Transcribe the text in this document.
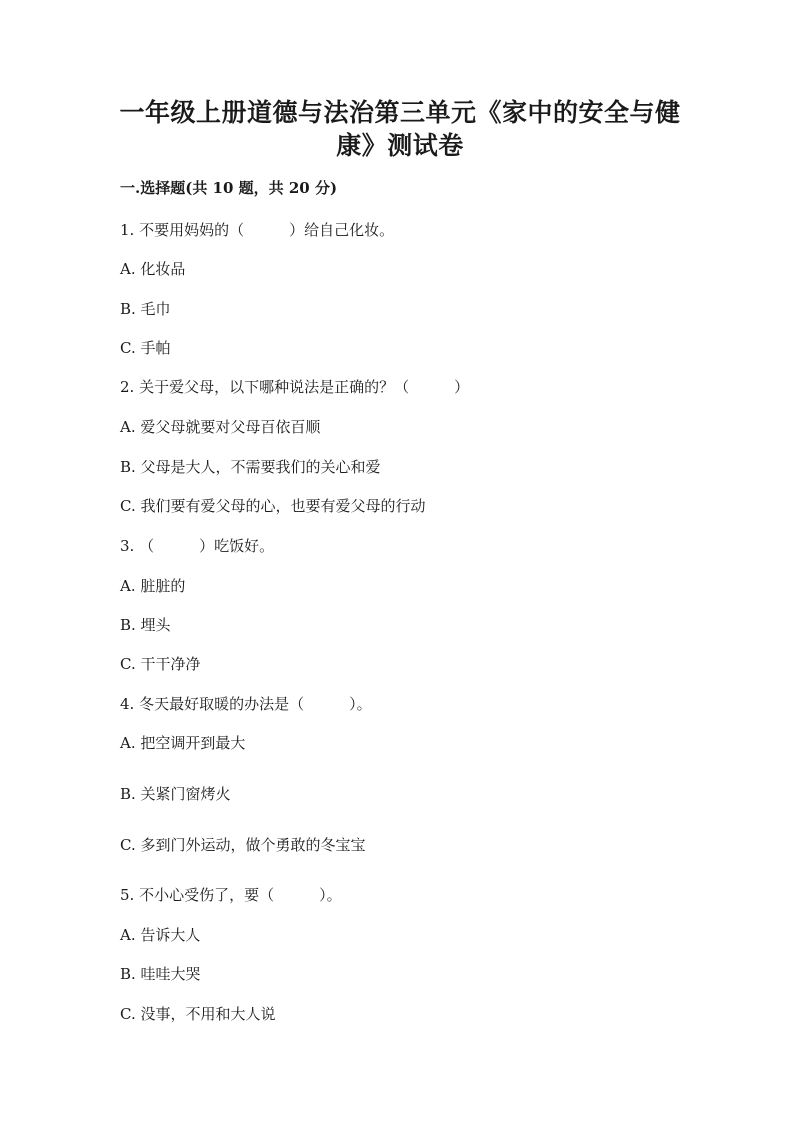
一年级上册道德与法治第三单元《家中的安全与健
康》测试卷
一.选择题(共 10 题，共 20 分)
1. 不要用妈妈的（　　　）给自己化妆。
A. 化妆品
B. 毛巾
C. 手帕
2. 关于爱父母，以下哪种说法是正确的？（　　　）
A. 爱父母就要对父母百依百顺
B. 父母是大人，不需要我们的关心和爱
C. 我们要有爱父母的心，也要有爱父母的行动
3. （　　　）吃饭好。
A. 脏脏的
B. 埋头
C. 干干净净
4. 冬天最好取暖的办法是（　　　）。
A. 把空调开到最大
B. 关紧门窗烤火
C. 多到门外运动，做个勇敢的冬宝宝
5. 不小心受伤了，要（　　　）。
A. 告诉大人
B. 哇哇大哭
C. 没事，不用和大人说
